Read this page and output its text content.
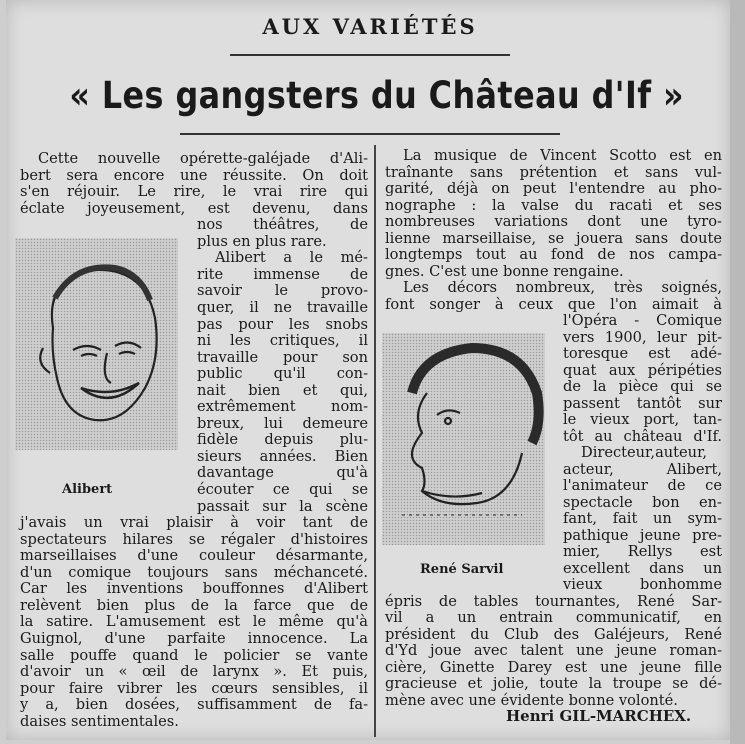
AUX VARIÉTÉS
« Les gangsters du Château d'If »
Alibert
René Sarvil
Cette nouvelle opérette-galéjade d'Ali-
bert sera encore une réussite. On doit
s'en réjouir. Le rire, le vrai rire qui
éclate joyeusement, est devenu, dans
nos théâtres, de
plus en plus rare.
Alibert a le mé-
rite immense de
savoir le provo-
quer, il ne travaille
pas pour les snobs
ni les critiques, il
travaille pour son
public qu'il con-
nait bien et qui,
extrêmement nom-
breux, lui demeure
fidèle depuis plu-
sieurs années. Bien
davantage qu'à
écouter ce qui se
passait sur la scène
j'avais un vrai plaisir à voir tant de
spectateurs hilares se régaler d'histoires
marseillaises d'une couleur désarmante,
d'un comique toujours sans méchanceté.
Car les inventions bouffonnes d'Alibert
relèvent bien plus de la farce que de
la satire. L'amusement est le même qu'à
Guignol, d'une parfaite innocence. La
salle pouffe quand le policier se vante
d'avoir un « œil de larynx ». Et puis,
pour faire vibrer les cœurs sensibles, il
y a, bien dosées, suffisamment de fa-
daises sentimentales.
La musique de Vincent Scotto est en
traînante sans prétention et sans vul-
garité, déjà on peut l'entendre au pho-
nographe : la valse du racati et ses
nombreuses variations dont une tyro-
lienne marseillaise, se jouera sans doute
longtemps tout au fond de nos campa-
gnes. C'est une bonne rengaine.
Les décors nombreux, très soignés,
font songer à ceux que l'on aimait à
l'Opéra - Comique
vers 1900, leur pit-
toresque est adé-
quat aux péripéties
de la pièce qui se
passent tantôt sur
le vieux port, tan-
tôt au château d'If.
Directeur,auteur,
acteur, Alibert,
l'animateur de ce
spectacle bon en-
fant, fait un sym-
pathique jeune pre-
mier, Rellys est
excellent dans un
vieux bonhomme
épris de tables tournantes, René Sar-
vil a un entrain communicatif, en
président du Club des Galéjeurs, René
d'Yd joue avec talent une jeune roman-
cière, Ginette Darey est une jeune fille
gracieuse et jolie, toute la troupe se dé-
mène avec une évidente bonne volonté.
Henri GIL-MARCHEX.
